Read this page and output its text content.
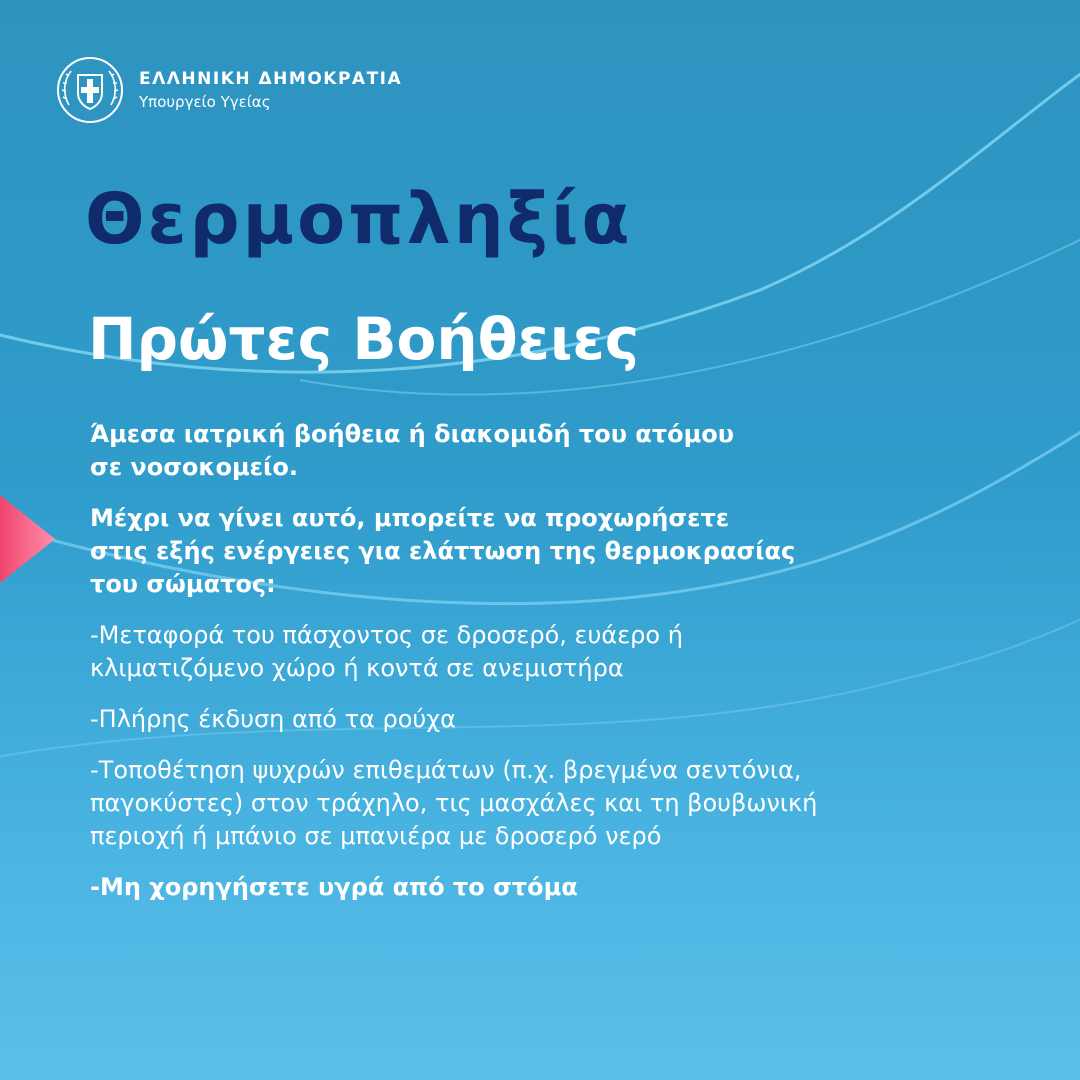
ΕΛΛΗΝΙΚΗ ΔΗΜΟΚΡΑΤΙΑ
Υπουργείο Υγείας
Θερμοπληξία
Πρώτες Βοήθειες

Άμεσα ιατρική βοήθεια ή διακομιδή του ατόμου
σε νοσοκομείο.

Μέχρι να γίνει αυτό, μπορείτε να προχωρήσετε
στις εξής ενέργειες για ελάττωση της θερμοκρασίας
του σώματος:

-Μεταφορά του πάσχοντος σε δροσερό, ευάερο ή
κλιματιζόμενο χώρο ή κοντά σε ανεμιστήρα

-Πλήρης έκδυση από τα ρούχα

-Τοποθέτηση ψυχρών επιθεμάτων (π.χ. βρεγμένα σεντόνια,
παγοκύστες) στον τράχηλο, τις μασχάλες και τη βουβωνική
περιοχή ή μπάνιο σε μπανιέρα με δροσερό νερό

-Μη χορηγήσετε υγρά από το στόμα
